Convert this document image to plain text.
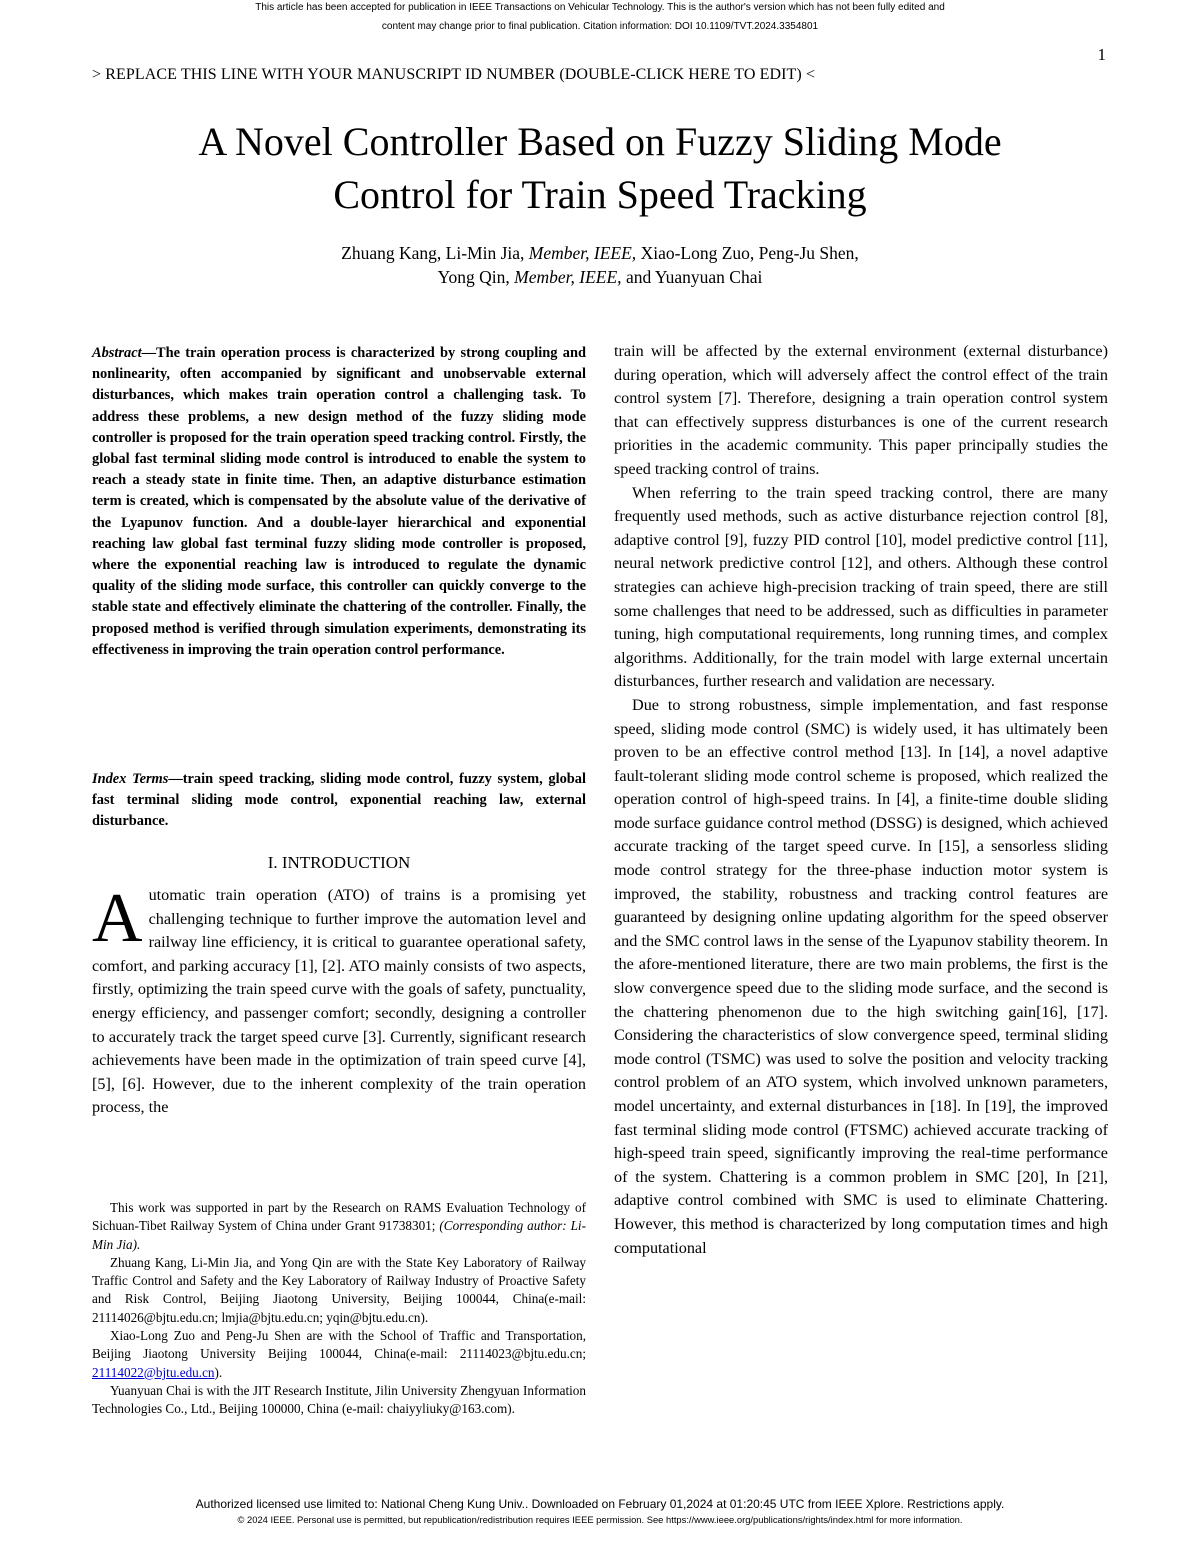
This article has been accepted for publication in IEEE Transactions on Vehicular Technology. This is the author's version which has not been fully edited and
content may change prior to final publication. Citation information: DOI 10.1109/TVT.2024.3354801
1
> REPLACE THIS LINE WITH YOUR MANUSCRIPT ID NUMBER (DOUBLE-CLICK HERE TO EDIT) <
A Novel Controller Based on Fuzzy Sliding Mode
Control for Train Speed Tracking
Zhuang Kang, Li-Min Jia, Member, IEEE, Xiao-Long Zuo, Peng-Ju Shen,
Yong Qin, Member, IEEE, and Yuanyuan Chai

Abstract—The train operation process is characterized by strong coupling and nonlinearity, often accompanied by significant and unobservable external disturbances, which makes train operation control a challenging task. To address these problems, a new design method of the fuzzy sliding mode controller is proposed for the train operation speed tracking control. Firstly, the global fast terminal sliding mode control is introduced to enable the system to reach a steady state in finite time. Then, an adaptive disturbance estimation term is created, which is compensated by the absolute value of the derivative of the Lyapunov function. And a double-layer hierarchical and exponential reaching law global fast terminal fuzzy sliding mode controller is proposed, where the exponential reaching law is introduced to regulate the dynamic quality of the sliding mode surface, this controller can quickly converge to the stable state and effectively eliminate the chattering of the controller. Finally, the proposed method is verified through simulation experiments, demonstrating its effectiveness in improving the train operation control performance.

Index Terms—train speed tracking, sliding mode control, fuzzy system, global fast terminal sliding mode control, exponential reaching law, external disturbance.

I. INTRODUCTION
Automatic train operation (ATO) of trains is a promising yet challenging technique to further improve the automation level and railway line efficiency, it is critical to guarantee operational safety, comfort, and parking accuracy [1], [2]. ATO mainly consists of two aspects, firstly, optimizing the train speed curve with the goals of safety, punctuality, energy efficiency, and passenger comfort; secondly, designing a controller to accurately track the target speed curve [3]. Currently, significant research achievements have been made in the optimization of train speed curve [4], [5], [6]. However, due to the inherent complexity of the train operation process, the

This work was supported in part by the Research on RAMS Evaluation Technology of Sichuan-Tibet Railway System of China under Grant 91738301; (Corresponding author: Li-Min Jia).

Zhuang Kang, Li-Min Jia, and Yong Qin are with the State Key Laboratory of Railway Traffic Control and Safety and the Key Laboratory of Railway Industry of Proactive Safety and Risk Control, Beijing Jiaotong University, Beijing 100044, China(e-mail: 21114026@bjtu.edu.cn; lmjia@bjtu.edu.cn; yqin@bjtu.edu.cn).

Xiao-Long Zuo and Peng-Ju Shen are with the School of Traffic and Transportation, Beijing Jiaotong University Beijing 100044, China(e-mail: 21114023@bjtu.edu.cn; 21114022@bjtu.edu.cn).

Yuanyuan Chai is with the JIT Research Institute, Jilin University Zhengyuan Information Technologies Co., Ltd., Beijing 100000, China (e-mail: chaiyyliuky@163.com).

train will be affected by the external environment (external disturbance) during operation, which will adversely affect the control effect of the train control system [7]. Therefore, designing a train operation control system that can effectively suppress disturbances is one of the current research priorities in the academic community. This paper principally studies the speed tracking control of trains.

When referring to the train speed tracking control, there are many frequently used methods, such as active disturbance rejection control [8], adaptive control [9], fuzzy PID control [10], model predictive control [11], neural network predictive control [12], and others. Although these control strategies can achieve high-precision tracking of train speed, there are still some challenges that need to be addressed, such as difficulties in parameter tuning, high computational requirements, long running times, and complex algorithms. Additionally, for the train model with large external uncertain disturbances, further research and validation are necessary.

Due to strong robustness, simple implementation, and fast response speed, sliding mode control (SMC) is widely used, it has ultimately been proven to be an effective control method [13]. In [14], a novel adaptive fault-tolerant sliding mode control scheme is proposed, which realized the operation control of high-speed trains. In [4], a finite-time double sliding mode surface guidance control method (DSSG) is designed, which achieved accurate tracking of the target speed curve. In [15], a sensorless sliding mode control strategy for the three-phase induction motor system is improved, the stability, robustness and tracking control features are guaranteed by designing online updating algorithm for the speed observer and the SMC control laws in the sense of the Lyapunov stability theorem. In the afore-mentioned literature, there are two main problems, the first is the slow convergence speed due to the sliding mode surface, and the second is the chattering phenomenon due to the high switching gain[16], [17]. Considering the characteristics of slow convergence speed, terminal sliding mode control (TSMC) was used to solve the position and velocity tracking control problem of an ATO system, which involved unknown parameters, model uncertainty, and external disturbances in [18]. In [19], the improved fast terminal sliding mode control (FTSMC) achieved accurate tracking of high-speed train speed, significantly improving the real-time performance of the system. Chattering is a common problem in SMC [20], In [21], adaptive control combined with SMC is used to eliminate Chattering. However, this method is characterized by long computation times and high computational

Authorized licensed use limited to: National Cheng Kung Univ.. Downloaded on February 01,2024 at 01:20:45 UTC from IEEE Xplore. Restrictions apply.
© 2024 IEEE. Personal use is permitted, but republication/redistribution requires IEEE permission. See https://www.ieee.org/publications/rights/index.html for more information.
